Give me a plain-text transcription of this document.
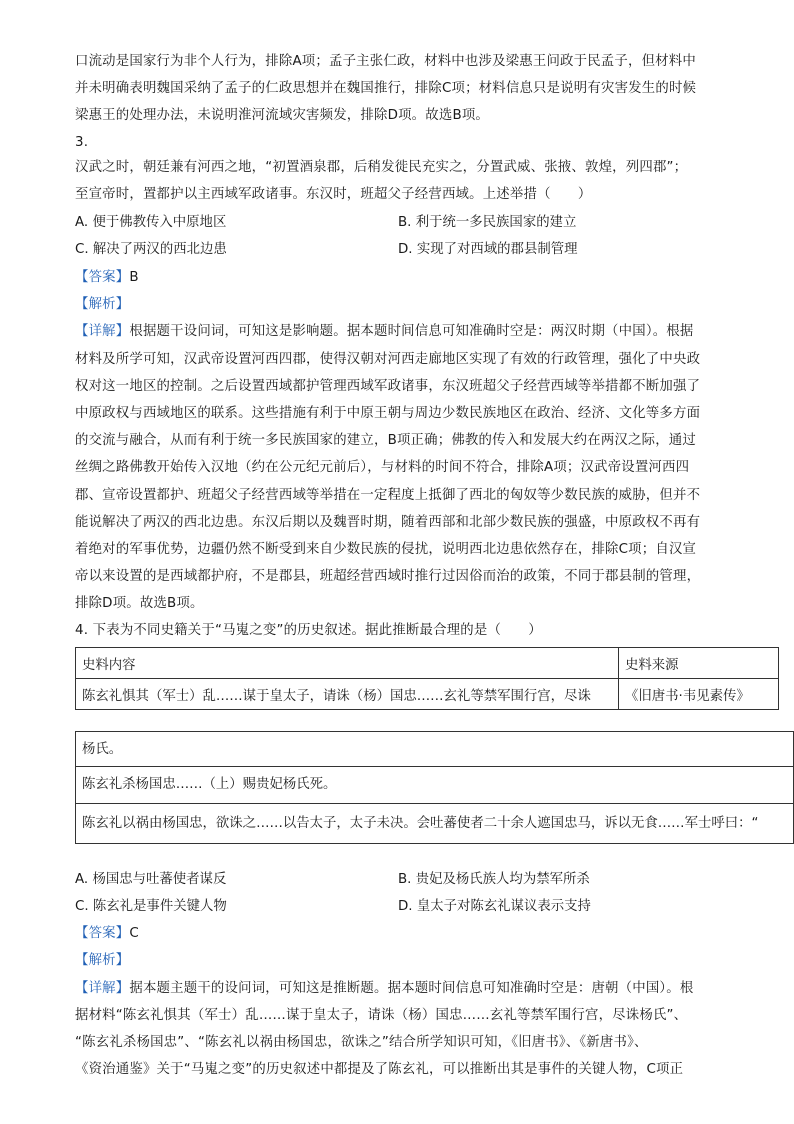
口流动是国家行为非个人行为，排除A项；孟子主张仁政，材料中也涉及梁惠王问政于民孟子，但材料中
并未明确表明魏国采纳了孟子的仁政思想并在魏国推行，排除C项；材料信息只是说明有灾害发生的时候
梁惠王的处理办法，未说明淮河流域灾害频发，排除D项。故选B项。
3.
汉武之时，朝廷兼有河西之地，“初置酒泉郡，后稍发徙民充实之，分置武威、张掖、敦煌，列四郡”；
至宣帝时，置都护以主西域军政诸事。东汉时，班超父子经营西域。上述举措（　　）
A. 便于佛教传入中原地区	B. 利于统一多民族国家的建立
C. 解决了两汉的西北边患	D. 实现了对西域的郡县制管理
【答案】B
【解析】
【详解】根据题干设问词，可知这是影响题。据本题时间信息可知准确时空是：两汉时期（中国）。根据
材料及所学可知，汉武帝设置河西四郡，使得汉朝对河西走廊地区实现了有效的行政管理，强化了中央政
权对这一地区的控制。之后设置西域都护管理西域军政诸事，东汉班超父子经营西域等举措都不断加强了
中原政权与西域地区的联系。这些措施有利于中原王朝与周边少数民族地区在政治、经济、文化等多方面
的交流与融合，从而有利于统一多民族国家的建立，B项正确；佛教的传入和发展大约在两汉之际，通过
丝绸之路佛教开始传入汉地（约在公元纪元前后），与材料的时间不符合，排除A项；汉武帝设置河西四
郡、宣帝设置都护、班超父子经营西域等举措在一定程度上抵御了西北的匈奴等少数民族的威胁，但并不
能说解决了两汉的西北边患。东汉后期以及魏晋时期，随着西部和北部少数民族的强盛，中原政权不再有
着绝对的军事优势，边疆仍然不断受到来自少数民族的侵扰，说明西北边患依然存在，排除C项；自汉宣
帝以来设置的是西域都护府，不是郡县，班超经营西域时推行过因俗而治的政策，不同于郡县制的管理，
排除D项。故选B项。
4. 下表为不同史籍关于“马嵬之变”的历史叙述。据此推断最合理的是（　　）
史料内容	史料来源
陈玄礼惧其（军士）乱……谋于皇太子，请诛（杨）国忠……玄礼等禁军围行宫，尽诛	《旧唐书·韦见素传》
杨氏。
陈玄礼杀杨国忠……（上）赐贵妃杨氏死。
陈玄礼以祸由杨国忠，欲诛之……以告太子，太子未决。会吐蕃使者二十余人遮国忠马，诉以无食……军士呼曰：“
A. 杨国忠与吐蕃使者谋反	B. 贵妃及杨氏族人均为禁军所杀
C. 陈玄礼是事件关键人物	D. 皇太子对陈玄礼谋议表示支持
【答案】C
【解析】
【详解】据本题主题干的设问词，可知这是推断题。据本题时间信息可知准确时空是：唐朝（中国）。根
据材料“陈玄礼惧其（军士）乱……谋于皇太子，请诛（杨）国忠……玄礼等禁军围行宫，尽诛杨氏”、
“陈玄礼杀杨国忠”、“陈玄礼以祸由杨国忠，欲诛之”结合所学知识可知，《旧唐书》、《新唐书》、
《资治通鉴》关于“马嵬之变”的历史叙述中都提及了陈玄礼，可以推断出其是事件的关键人物，C项正
